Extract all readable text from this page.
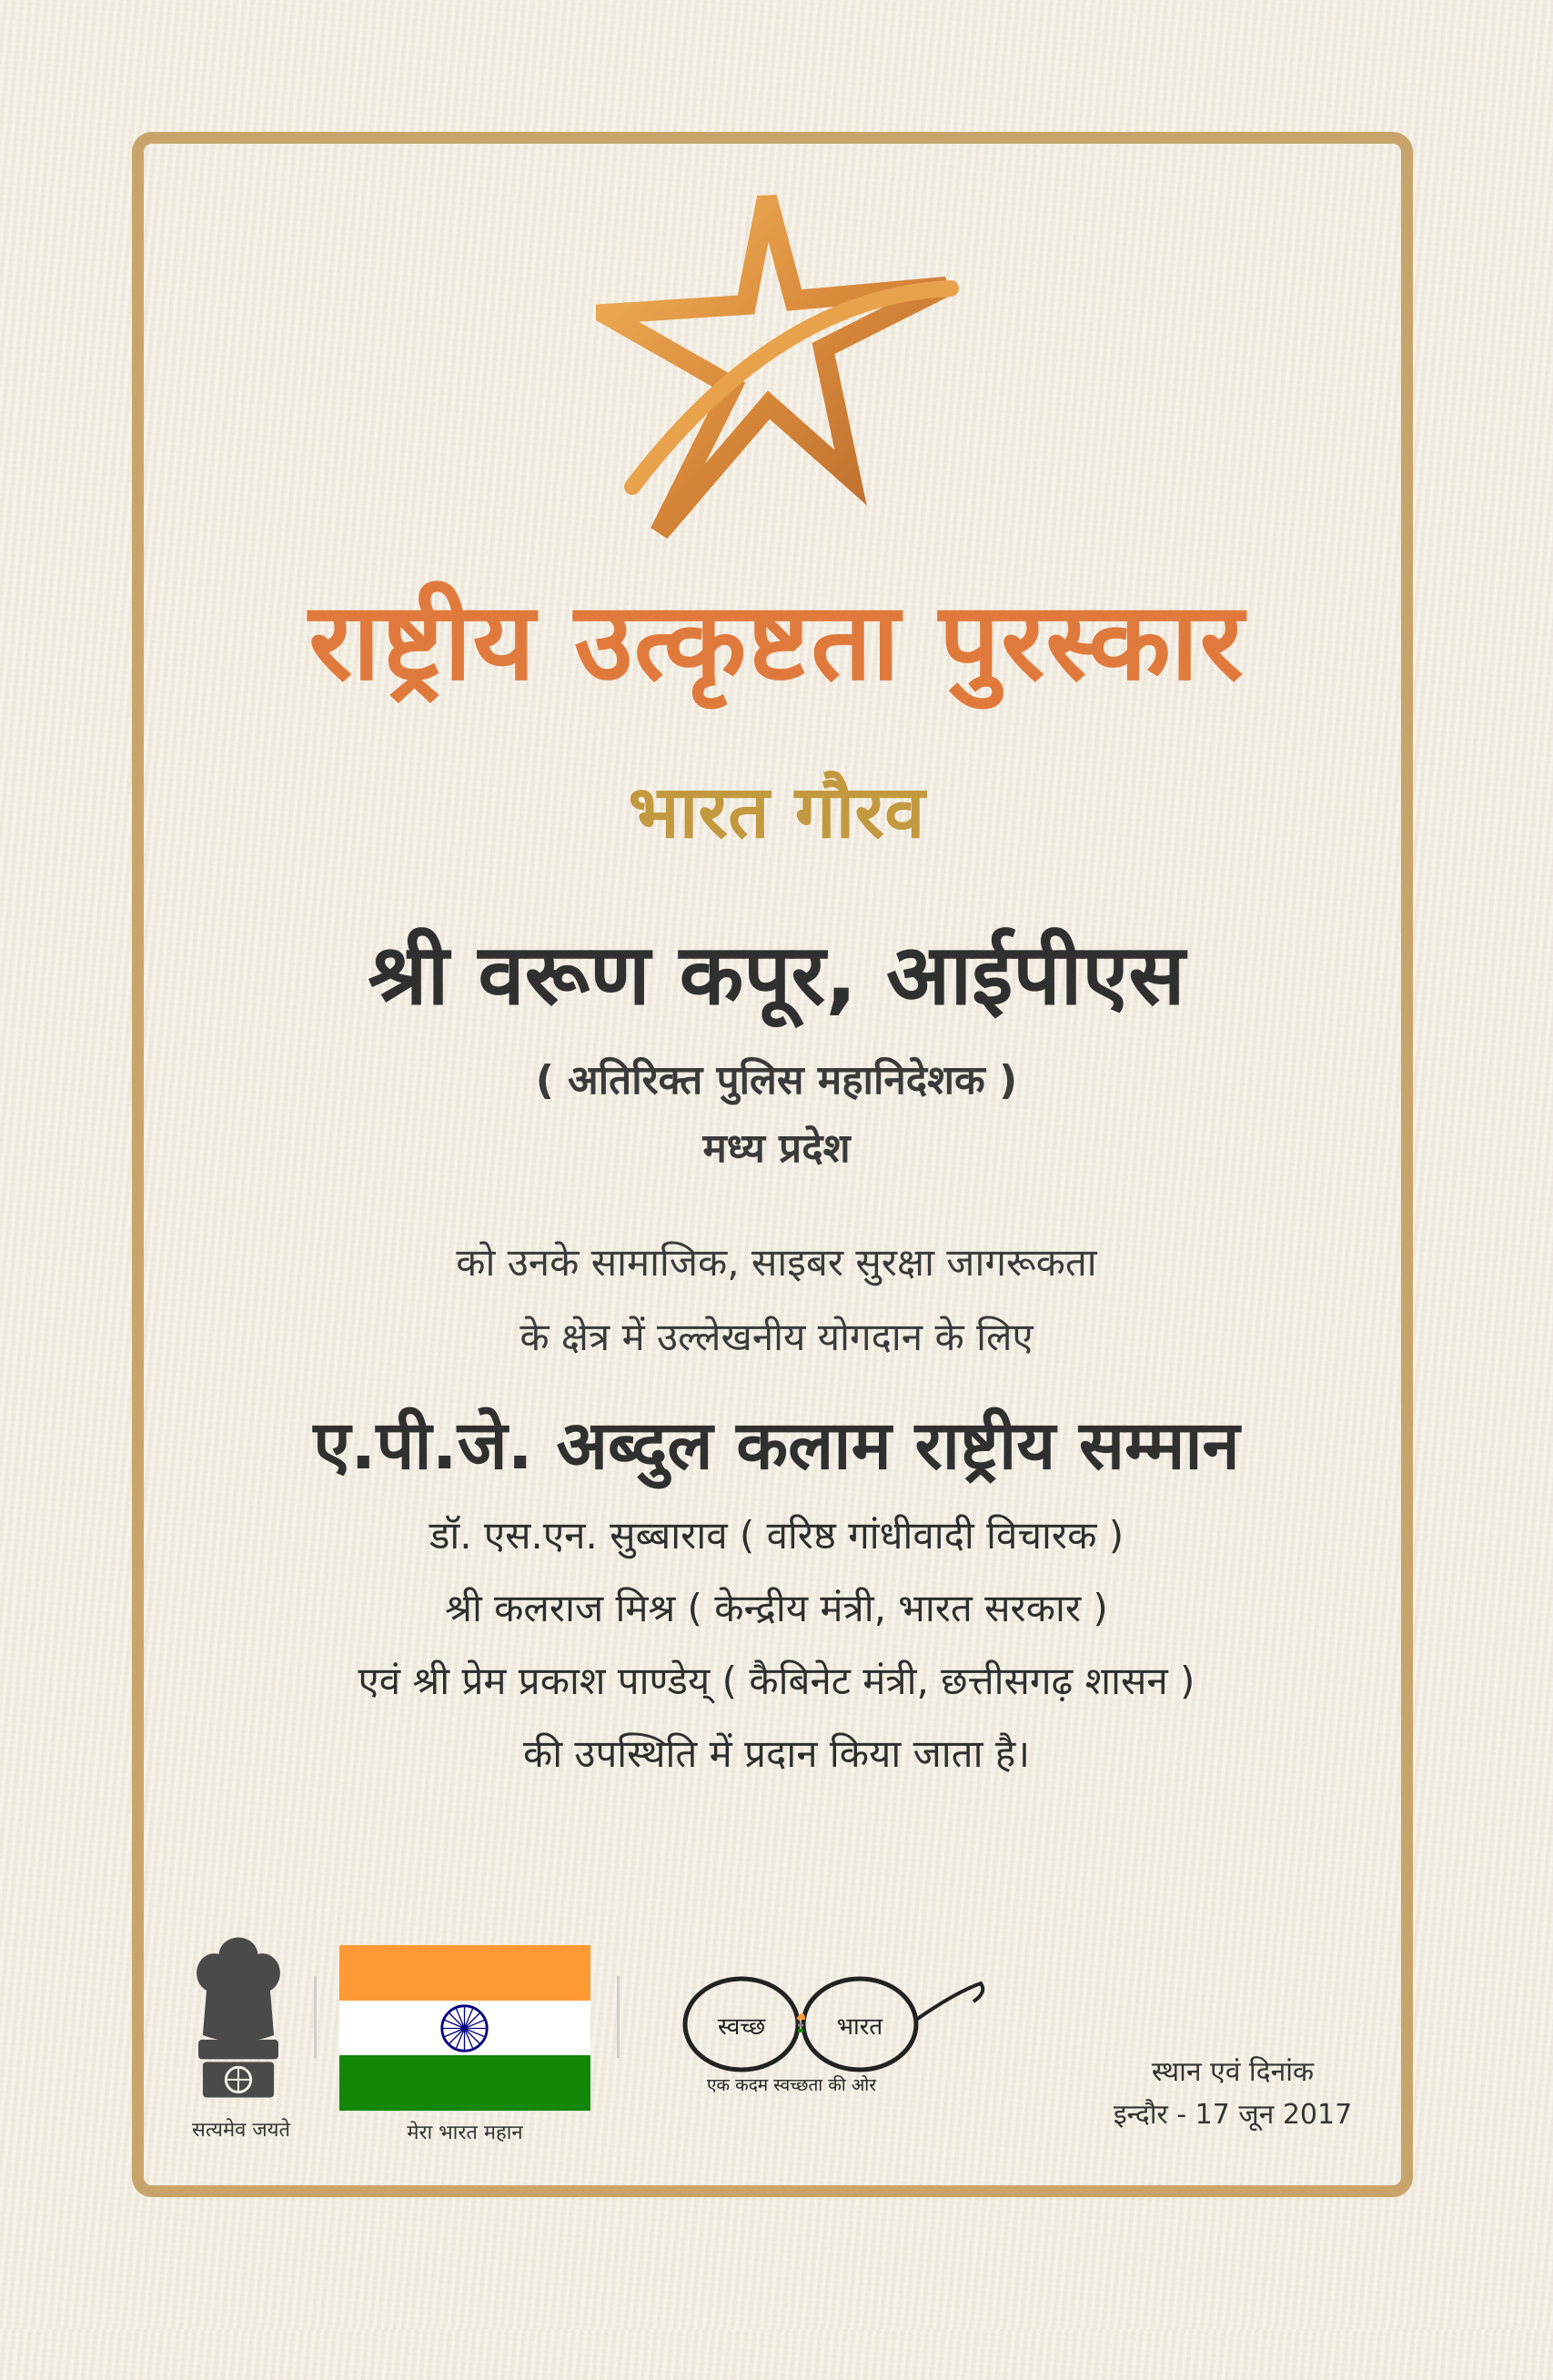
राष्ट्रीय उत्कृष्टता पुरस्कार
भारत गौरव
श्री वरूण कपूर, आईपीएस
( अतिरिक्त पुलिस महानिदेशक )
मध्य प्रदेश
को उनके सामाजिक, साइबर सुरक्षा जागरूकता
के क्षेत्र में उल्लेखनीय योगदान के लिए
ए.पी.जे. अब्दुल कलाम राष्ट्रीय सम्मान
डॉ. एस.एन. सुब्बाराव ( वरिष्ठ गांधीवादी विचारक )
श्री कलराज मिश्र ( केन्द्रीय मंत्री, भारत सरकार )
एवं श्री प्रेम प्रकाश पाण्डेय् ( कैबिनेट मंत्री, छत्तीसगढ़ शासन )
की उपस्थिति में प्रदान किया जाता है।
सत्यमेव जयते	मेरा भारत महान
स्वच्छ	भारत
एक कदम स्वच्छता की ओर	स्थान एवं दिनांक
इन्दौर - 17 जून 2017
